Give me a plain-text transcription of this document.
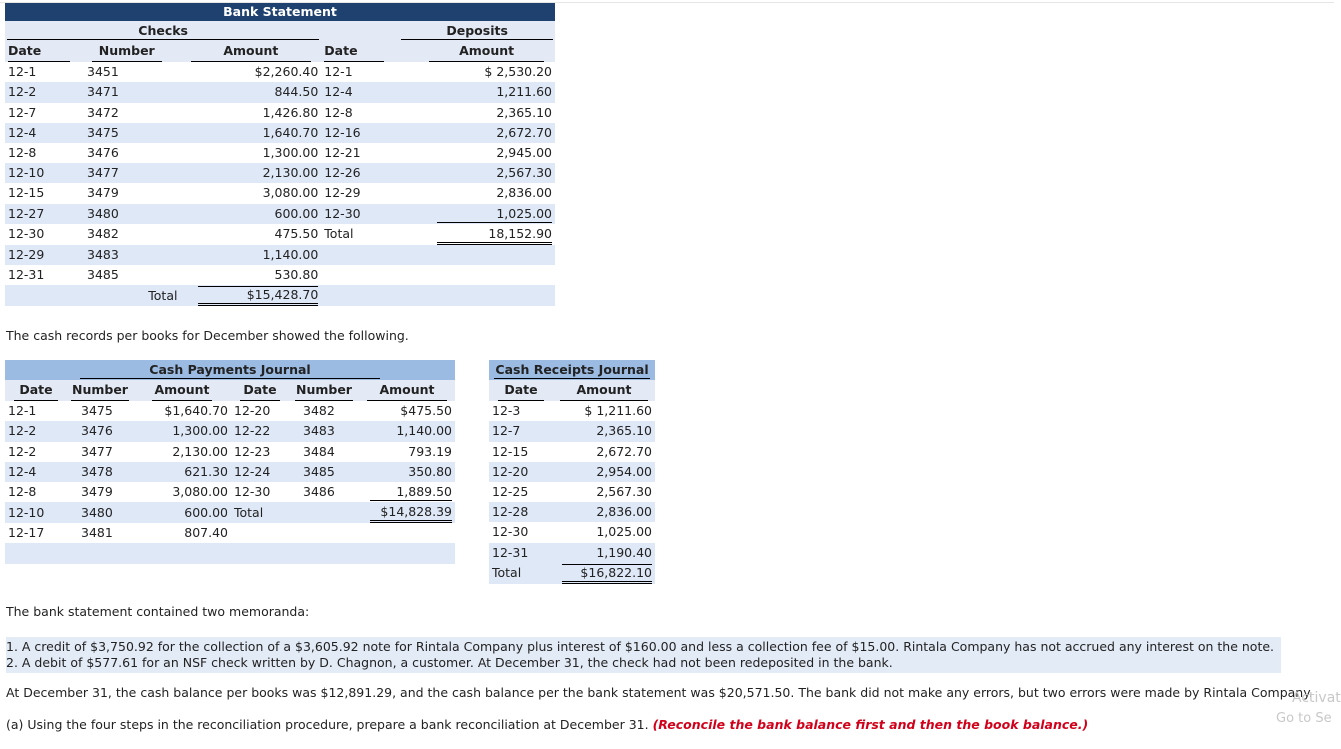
Bank Statement					
Checks			Deposits		
Date	Number	Amount	Date		Amount
12-1	3451	$2,260.40	12-1		$ 2,530.20
12-2	3471	844.50	12-4		1,211.60
12-7	3472	1,426.80	12-8		2,365.10
12-4	3475	1,640.70	12-16		2,672.70
12-8	3476	1,300.00	12-21		2,945.00
12-10	3477	2,130.00	12-26		2,567.30
12-15	3479	3,080.00	12-29		2,836.00
12-27	3480	600.00	12-30		1,025.00
12-30	3482	475.50	Total		18,152.90
12-29	3483	1,140.00			
12-31	3485	530.80			
	Total	$15,428.70			
The cash records per books for December showed the following.
Cash Payments Journal					
Date	Number	Amount	Date	Number	Amount
12-1	3475	$1,640.70	12-20	3482	$475.50
12-2	3476	1,300.00	12-22	3483	1,140.00
12-2	3477	2,130.00	12-23	3484	793.19
12-4	3478	621.30	12-24	3485	350.80
12-8	3479	3,080.00	12-30	3486	1,889.50
12-10	3480	600.00	Total		$14,828.39
12-17	3481	807.40			

Cash Receipts Journal	
Date	Amount
12-3	$ 1,211.60
12-7	2,365.10
12-15	2,672.70
12-20	2,954.00
12-25	2,567.30
12-28	2,836.00
12-30	1,025.00
12-31	1,190.40
Total	$16,822.10
The bank statement contained two memoranda:
1. A credit of $3,750.92 for the collection of a $3,605.92 note for Rintala Company plus interest of $160.00 and less a collection fee of $15.00. Rintala Company has not accrued any interest on the note.
2. A debit of $577.61 for an NSF check written by D. Chagnon, a customer. At December 31, the check had not been redeposited in the bank.
At December 31, the cash balance per books was $12,891.29, and the cash balance per the bank statement was $20,571.50. The bank did not make any errors, but two errors were made by Rintala Company.
(a) Using the four steps in the reconciliation procedure, prepare a bank reconciliation at December 31. (Reconcile the bank balance first and then the book balance.)
Activat
Go to Se
